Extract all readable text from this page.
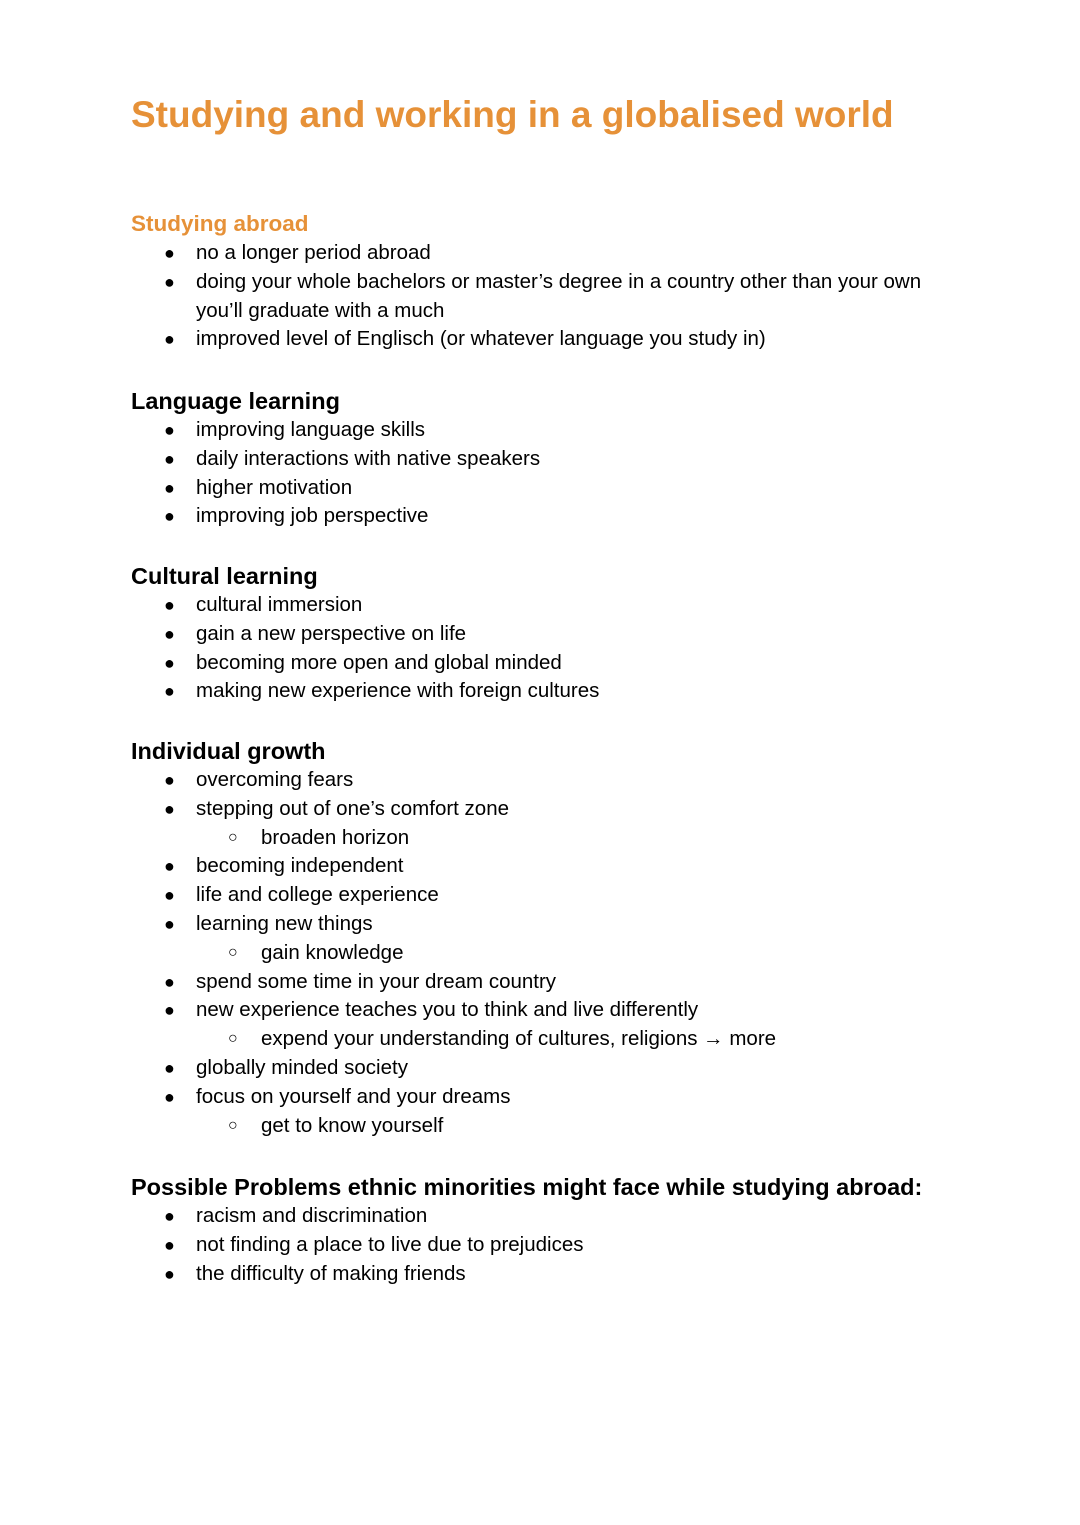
Studying and working in a globalised world
Studying abroad
● no a longer period abroad
● doing your whole bachelors or master’s degree in a country other than your own you’ll graduate with a much
● improved level of Englisch (or whatever language you study in)
Language learning
● improving language skills
● daily interactions with native speakers
● higher motivation
● improving job perspective
Cultural learning
● cultural immersion
● gain a new perspective on life
● becoming more open and global minded
● making new experience with foreign cultures
Individual growth
● overcoming fears
● stepping out of one’s comfort zone
○ broaden horizon
● becoming independent
● life and college experience
● learning new things
○ gain knowledge
● spend some time in your dream country
● new experience teaches you to think and live differently
○ expend your understanding of cultures, religions → more
● globally minded society
● focus on yourself and your dreams
○ get to know yourself
Possible Problems ethnic minorities might face while studying abroad:
● racism and discrimination
● not finding a place to live due to prejudices
● the difficulty of making friends
